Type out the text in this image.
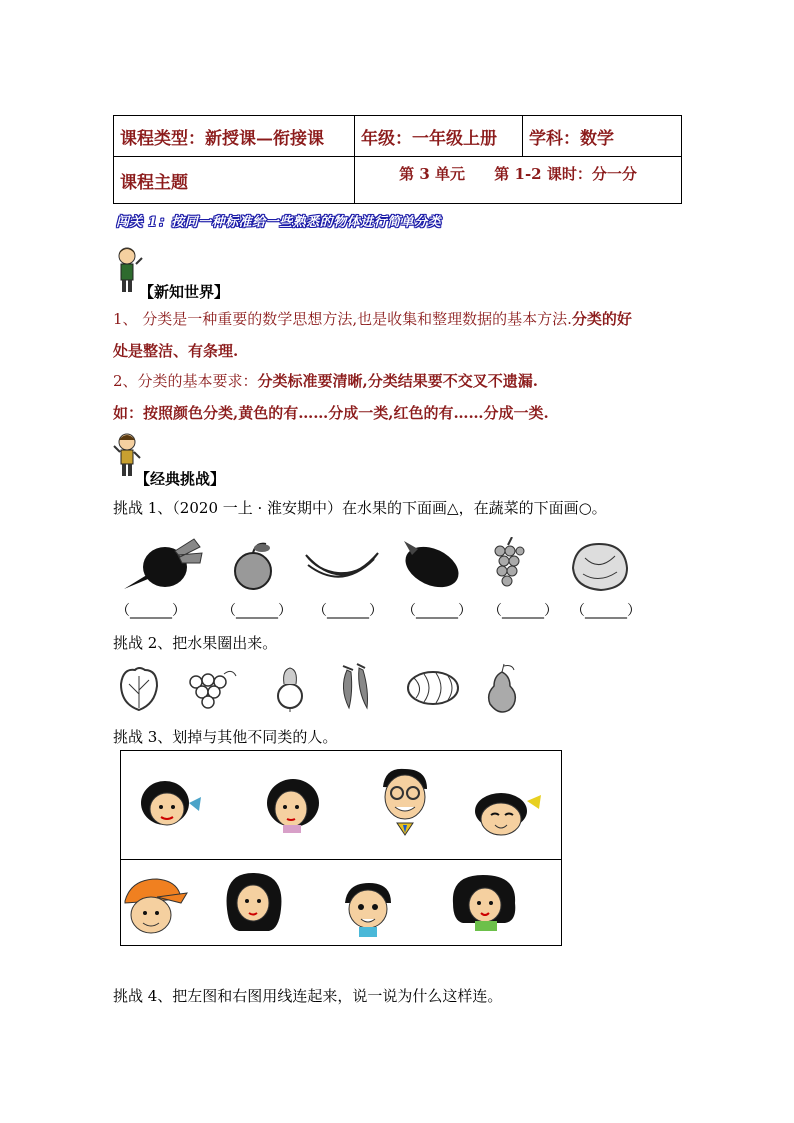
课程类型：新授课—衔接课	年级：一年级上册	学科：数学
课程主题	第 3 单元 第 1-2 课时：分一分	
闯关 1：按同一种标准给一些熟悉的物体进行简单分类
【新知世界】
1、 分类是一种重要的数学思想方法,也是收集和整理数据的基本方法.分类的好
处是整洁、有条理.
2、分类的基本要求：分类标准要清晰,分类结果要不交叉不遗漏.
如：按照颜色分类,黄色的有……分成一类,红色的有……分成一类.
【经典挑战】
挑战 1、（2020 一上 · 淮安期中）在水果的下面画△，在蔬菜的下面画○。
（______）	（______） （______） （______） （______） （______）
挑战 2、把水果圈出来。
挑战 3、划掉与其他不同类的人。
挑战 4、把左图和右图用线连起来，说一说为什么这样连。
